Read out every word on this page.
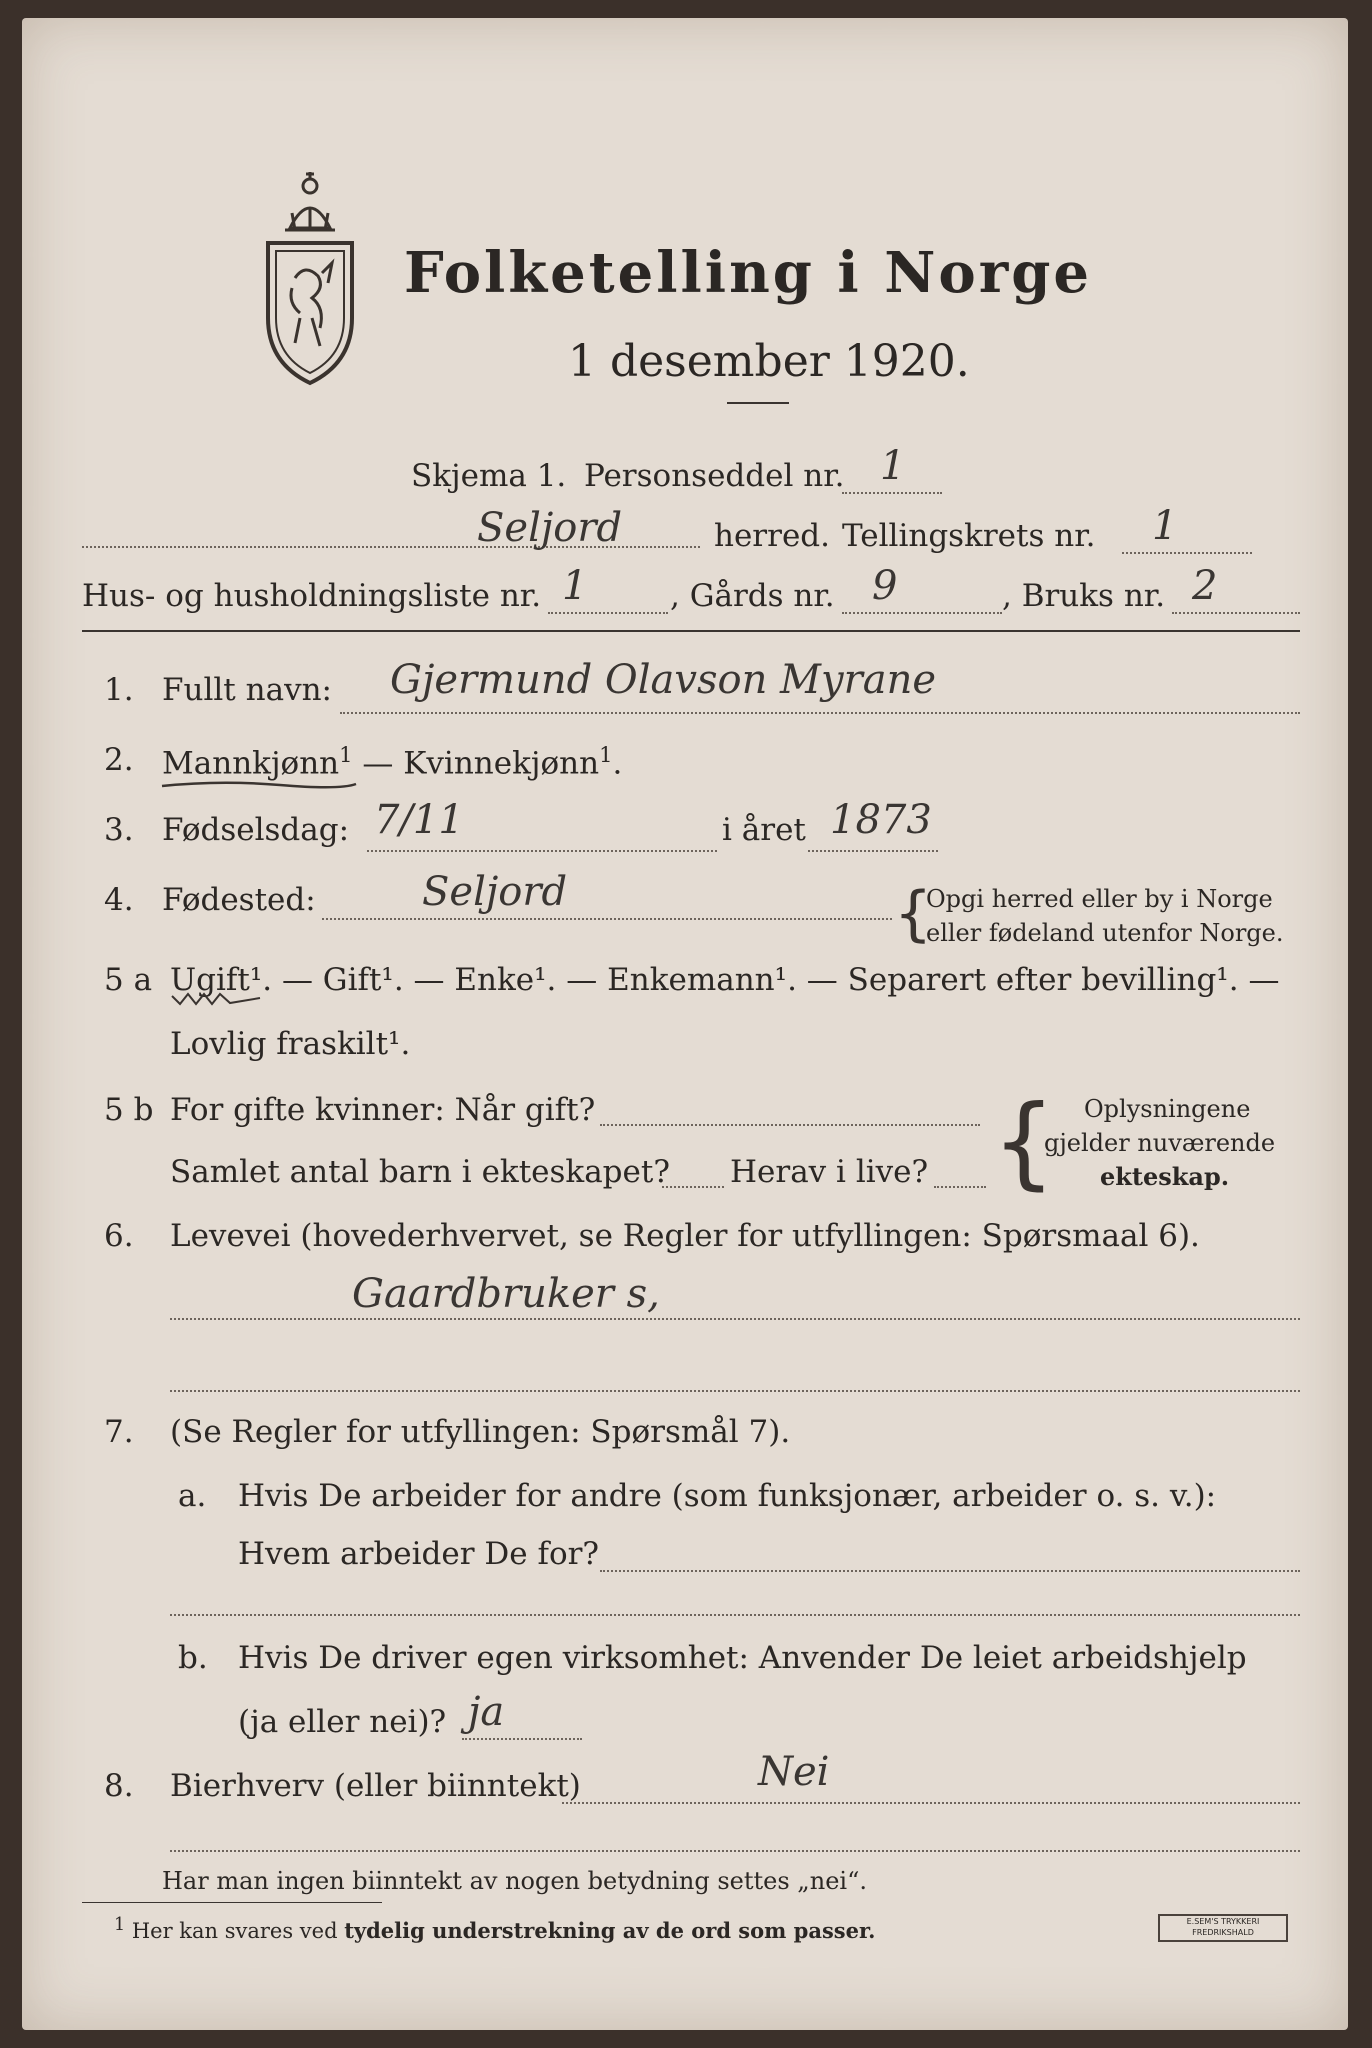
Folketelling i Norge
1 desember 1920.
Skjema 1. Personseddel nr. 1
Seljord	herred. Tellingskrets nr. 1
Hus- og husholdningsliste nr. 1	, Gårds nr. 9	, Bruks nr. 2
1. Fullt navn: Gjermund Olavson Myrane
2. Mannkjønn$^1$ — Kvinnekjønn$^1$.
3. Fødselsdag: 7/11	i året 1873
4. Fødested:	Seljord	{
Opgi herred eller by i Norge
eller fødeland utenfor Norge.
5 a Ugift¹. — Gift¹. — Enke¹. — Enkemann¹. — Separert efter bevilling¹. —
Lovlig fraskilt¹.
5 b For gifte kvinner: Når gift?
Samlet antal barn i ekteskapet? Herav i live? { Oplysningene
gjelder nuværende
ekteskap.
6. Levevei (hovederhvervet, se Regler for utfyllingen: Spørsmaal 6).
Gaardbruker s,
7. (Se Regler for utfyllingen: Spørsmål 7).
a. Hvis De arbeider for andre (som funksjonær, arbeider o. s. v.):
Hvem arbeider De for?
b. Hvis De driver egen virksomhet: Anvender De leiet arbeidshjelp
(ja eller nei)? ja
8. Bierhverv (eller biinntekt)	Nei
Har man ingen biinntekt av nogen betydning settes „nei“.
$^1$ Her kan svares ved tydelig understrekning av de ord som passer.	E.SEM'S TRYKKERI FREDRIKSHALD
